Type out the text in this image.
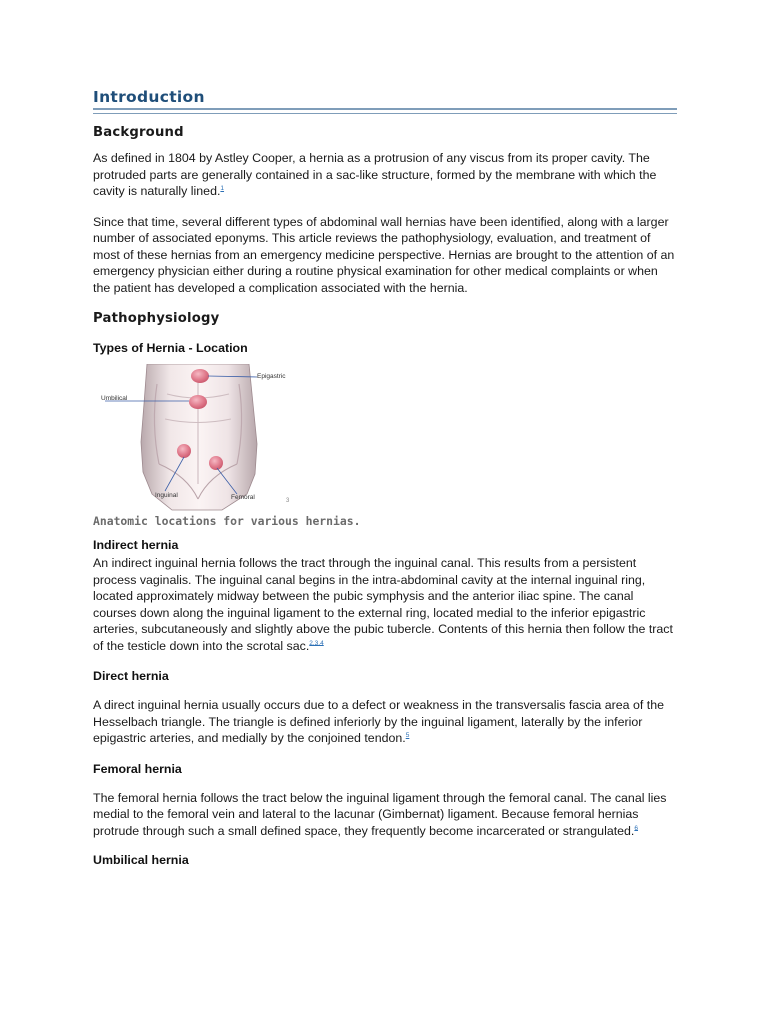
Introduction
Background

As defined in 1804 by Astley Cooper, a hernia as a protrusion of any viscus from its proper cavity. The protruded parts are generally contained in a sac-like structure, formed by the membrane with which the cavity is naturally lined.$^1$

Since that time, several different types of abdominal wall hernias have been identified, along with a larger number of associated eponyms. This article reviews the pathophysiology, evaluation, and treatment of most of these hernias from an emergency medicine perspective. Hernias are brought to the attention of an emergency physician either during a routine physical examination for other medical complaints or when the patient has developed a complication associated with the hernia.

Pathophysiology
Types of Hernia - Location
Epigastric
Umbilical
Inguinal	Femoral	3

Anatomic locations for various hernias.

Indirect hernia

An indirect inguinal hernia follows the tract through the inguinal canal. This results from a persistent process vaginalis. The inguinal canal begins in the intra-abdominal cavity at the internal inguinal ring, located approximately midway between the pubic symphysis and the anterior iliac spine. The canal courses down along the inguinal ligament to the external ring, located medial to the inferior epigastric arteries, subcutaneously and slightly above the pubic tubercle. Contents of this hernia then follow the tract of the testicle down into the scrotal sac.$^{2,3,4}$

Direct hernia

A direct inguinal hernia usually occurs due to a defect or weakness in the transversalis fascia area of the Hesselbach triangle. The triangle is defined inferiorly by the inguinal ligament, laterally by the inferior epigastric arteries, and medially by the conjoined tendon.$^5$

Femoral hernia

The femoral hernia follows the tract below the inguinal ligament through the femoral canal. The canal lies medial to the femoral vein and lateral to the lacunar (Gimbernat) ligament. Because femoral hernias protrude through such a small defined space, they frequently become incarcerated or strangulated.$^6$

Umbilical hernia
